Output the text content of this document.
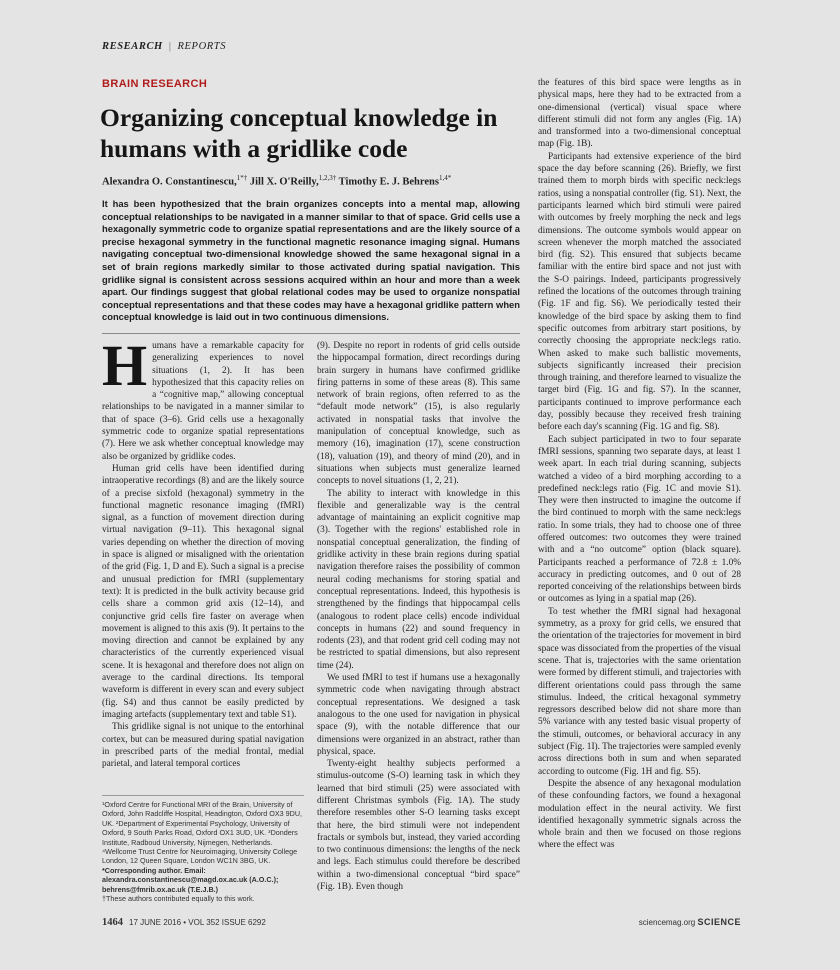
RESEARCH | REPORTS
BRAIN RESEARCH
Organizing conceptual knowledge in humans with a gridlike code
Alexandra O. Constantinescu,$^{1*\dagger}$ Jill X. O'Reilly,$^{1,2,3\dagger}$ Timothy E. J. Behrens$^{1,4*}$

It has been hypothesized that the brain organizes concepts into a mental map, allowing conceptual relationships to be navigated in a manner similar to that of space. Grid cells use a hexagonally symmetric code to organize spatial representations and are the likely source of a precise hexagonal symmetry in the functional magnetic resonance imaging signal. Humans navigating conceptual two-dimensional knowledge showed the same hexagonal signal in a set of brain regions markedly similar to those activated during spatial navigation. This gridlike signal is consistent across sessions acquired within an hour and more than a week apart. Our findings suggest that global relational codes may be used to organize nonspatial conceptual representations and that these codes may have a hexagonal gridlike pattern when conceptual knowledge is laid out in two continuous dimensions.

Humans have a remarkable capacity for generalizing experiences to novel situations (1, 2). It has been hypothesized that this capacity relies on a “cognitive map,” allowing conceptual relationships to be navigated in a manner similar to that of space (3–6). Grid cells use a hexagonally symmetric code to organize spatial representations (7). Here we ask whether conceptual knowledge may also be organized by gridlike codes.

Human grid cells have been identified during intraoperative recordings (8) and are the likely source of a precise sixfold (hexagonal) symmetry in the functional magnetic resonance imaging (fMRI) signal, as a function of movement direction during virtual navigation (9–11). This hexagonal signal varies depending on whether the direction of moving in space is aligned or misaligned with the orientation of the grid (Fig. 1, D and E). Such a signal is a precise and unusual prediction for fMRI (supplementary text): It is predicted in the bulk activity because grid cells share a common grid axis (12–14), and conjunctive grid cells fire faster on average when movement is aligned to this axis (9). It pertains to the moving direction and cannot be explained by any characteristics of the currently experienced visual scene. It is hexagonal and therefore does not align on average to the cardinal directions. Its temporal waveform is different in every scan and every subject (fig. S4) and thus cannot be easily predicted by imaging artefacts (supplementary text and table S1).

This gridlike signal is not unique to the entorhinal cortex, but can be measured during spatial navigation in prescribed parts of the medial frontal, medial parietal, and lateral temporal cortices

¹Oxford Centre for Functional MRI of the Brain, University of Oxford, John Radcliffe Hospital, Headington, Oxford OX3 9DU, UK. ²Department of Experimental Psychology, University of Oxford, 9 South Parks Road, Oxford OX1 3UD, UK. ³Donders Institute, Radboud University, Nijmegen, Netherlands. ⁴Wellcome Trust Centre for Neuroimaging, University College London, 12 Queen Square, London WC1N 3BG, UK.

*Corresponding author. Email: alexandra.constantinescu@magd.ox.ac.uk (A.O.C.); behrens@fmrib.ox.ac.uk (T.E.J.B.)

†These authors contributed equally to this work.

(9). Despite no report in rodents of grid cells outside the hippocampal formation, direct recordings during brain surgery in humans have confirmed gridlike firing patterns in some of these areas (8). This same network of brain regions, often referred to as the “default mode network” (15), is also regularly activated in nonspatial tasks that involve the manipulation of conceptual knowledge, such as memory (16), imagination (17), scene construction (18), valuation (19), and theory of mind (20), and in situations when subjects must generalize learned concepts to novel situations (1, 2, 21).

The ability to interact with knowledge in this flexible and generalizable way is the central advantage of maintaining an explicit cognitive map (3). Together with the regions' established role in nonspatial conceptual generalization, the finding of gridlike activity in these brain regions during spatial navigation therefore raises the possibility of common neural coding mechanisms for storing spatial and conceptual representations. Indeed, this hypothesis is strengthened by the findings that hippocampal cells (analogous to rodent place cells) encode individual concepts in humans (22) and sound frequency in rodents (23), and that rodent grid cell coding may not be restricted to spatial dimensions, but also represent time (24).

We used fMRI to test if humans use a hexagonally symmetric code when navigating through abstract conceptual representations. We designed a task analogous to the one used for navigation in physical space (9), with the notable difference that our dimensions were organized in an abstract, rather than physical, space.

Twenty-eight healthy subjects performed a stimulus-outcome (S-O) learning task in which they learned that bird stimuli (25) were associated with different Christmas symbols (Fig. 1A). The study therefore resembles other S-O learning tasks except that here, the bird stimuli were not independent fractals or symbols but, instead, they varied according to two continuous dimensions: the lengths of the neck and legs. Each stimulus could therefore be described within a two-dimensional conceptual “bird space” (Fig. 1B). Even though

the features of this bird space were lengths as in physical maps, here they had to be extracted from a one-dimensional (vertical) visual space where different stimuli did not form any angles (Fig. 1A) and transformed into a two-dimensional conceptual map (Fig. 1B).

Participants had extensive experience of the bird space the day before scanning (26). Briefly, we first trained them to morph birds with specific neck:legs ratios, using a nonspatial controller (fig. S1). Next, the participants learned which bird stimuli were paired with outcomes by freely morphing the neck and legs dimensions. The outcome symbols would appear on screen whenever the morph matched the associated bird (fig. S2). This ensured that subjects became familiar with the entire bird space and not just with the S-O pairings. Indeed, participants progressively refined the locations of the outcomes through training (Fig. 1F and fig. S6). We periodically tested their knowledge of the bird space by asking them to find specific outcomes from arbitrary start positions, by correctly choosing the appropriate neck:legs ratio. When asked to make such ballistic movements, subjects significantly increased their precision through training, and therefore learned to visualize the target bird (Fig. 1G and fig. S7). In the scanner, participants continued to improve performance each day, possibly because they received fresh training before each day's scanning (Fig. 1G and fig. S8).

Each subject participated in two to four separate fMRI sessions, spanning two separate days, at least 1 week apart. In each trial during scanning, subjects watched a video of a bird morphing according to a predefined neck:legs ratio (Fig. 1C and movie S1). They were then instructed to imagine the outcome if the bird continued to morph with the same neck:legs ratio. In some trials, they had to choose one of three offered outcomes: two outcomes they were trained with and a “no outcome” option (black square). Participants reached a performance of 72.8 ± 1.0% accuracy in predicting outcomes, and 0 out of 28 reported conceiving of the relationships between birds or outcomes as lying in a spatial map (26).

To test whether the fMRI signal had hexagonal symmetry, as a proxy for grid cells, we ensured that the orientation of the trajectories for movement in bird space was dissociated from the properties of the visual scene. That is, trajectories with the same orientation were formed by different stimuli, and trajectories with different orientations could pass through the same stimulus. Indeed, the critical hexagonal symmetry regressors described below did not share more than 5% variance with any tested basic visual property of the stimuli, outcomes, or behavioral accuracy in any subject (Fig. 1I). The trajectories were sampled evenly across directions both in sum and when separated according to outcome (Fig. 1H and fig. S5).

Despite the absence of any hexagonal modulation of these confounding factors, we found a hexagonal modulation effect in the neural activity. We first identified hexagonally symmetric signals across the whole brain and then we focused on those regions where the effect was

1464 17 JUNE 2016 • VOL 352 ISSUE 6292	sciencemag.org SCIENCE
